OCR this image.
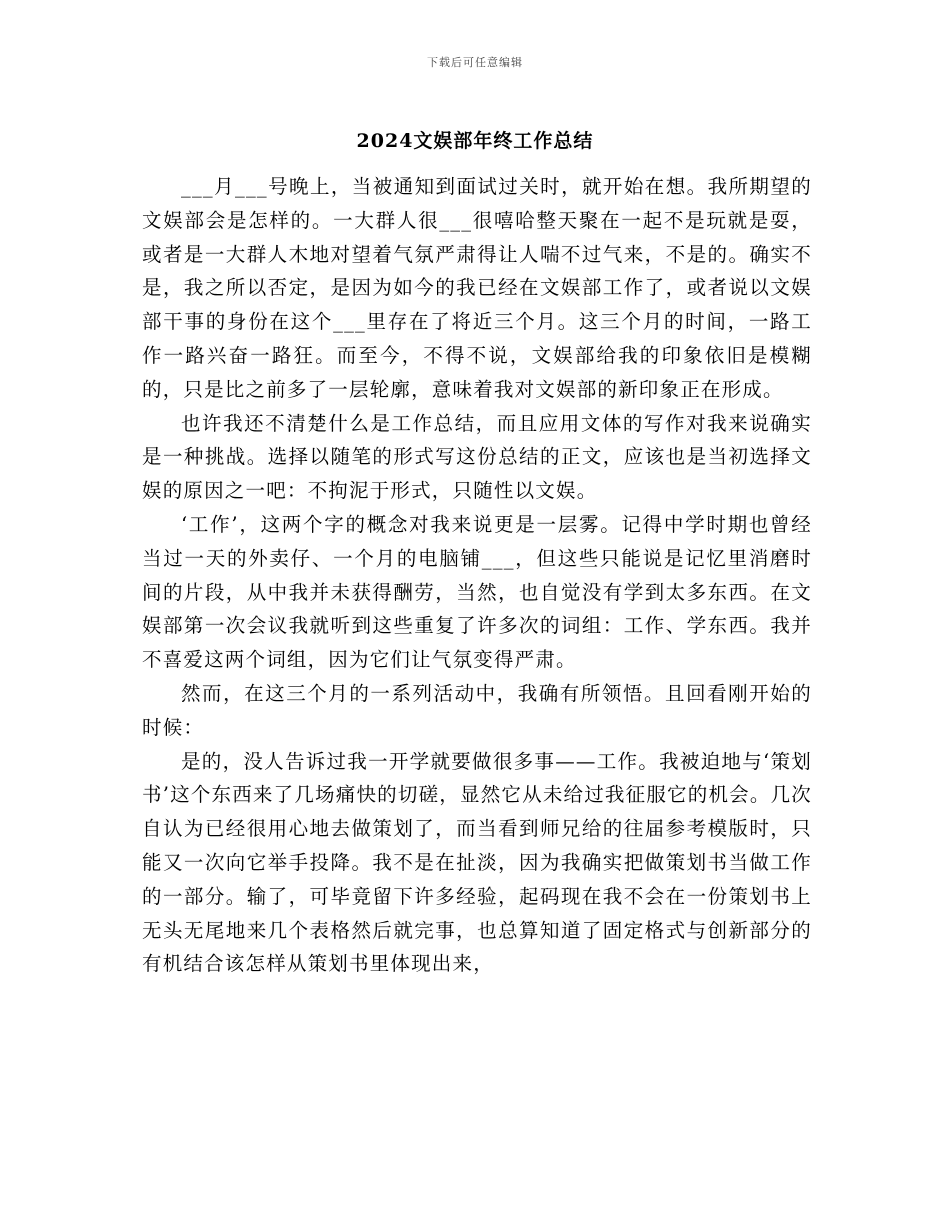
下载后可任意编辑
2024文娱部年终工作总结

___月___号晚上，当被通知到面试过关时，就开始在想。我所期望的文娱部会是怎样的。一大群人很___很嘻哈整天聚在一起不是玩就是耍，或者是一大群人木地对望着气氛严肃得让人喘不过气来，不是的。确实不是，我之所以否定，是因为如今的我已经在文娱部工作了，或者说以文娱部干事的身份在这个___里存在了将近三个月。这三个月的时间，一路工作一路兴奋一路狂。而至今，不得不说，文娱部给我的印象依旧是模糊的，只是比之前多了一层轮廓，意味着我对文娱部的新印象正在形成。

也许我还不清楚什么是工作总结，而且应用文体的写作对我来说确实是一种挑战。选择以随笔的形式写这份总结的正文，应该也是当初选择文娱的原因之一吧：不拘泥于形式，只随性以文娱。

‘工作’，这两个字的概念对我来说更是一层雾。记得中学时期也曾经当过一天的外卖仔、一个月的电脑铺___，但这些只能说是记忆里消磨时间的片段，从中我并未获得酬劳，当然，也自觉没有学到太多东西。在文娱部第一次会议我就听到这些重复了许多次的词组：工作、学东西。我并不喜爱这两个词组，因为它们让气氛变得严肃。

然而，在这三个月的一系列活动中，我确有所领悟。且回看刚开始的时候：

是的，没人告诉过我一开学就要做很多事——工作。我被迫地与‘策划书’这个东西来了几场痛快的切磋，显然它从未给过我征服它的机会。几次自认为已经很用心地去做策划了，而当看到师兄给的往届参考模版时，只能又一次向它举手投降。我不是在扯淡，因为我确实把做策划书当做工作的一部分。输了，可毕竟留下许多经验，起码现在我不会在一份策划书上无头无尾地来几个表格然后就完事，也总算知道了固定格式与创新部分的有机结合该怎样从策划书里体现出来，
